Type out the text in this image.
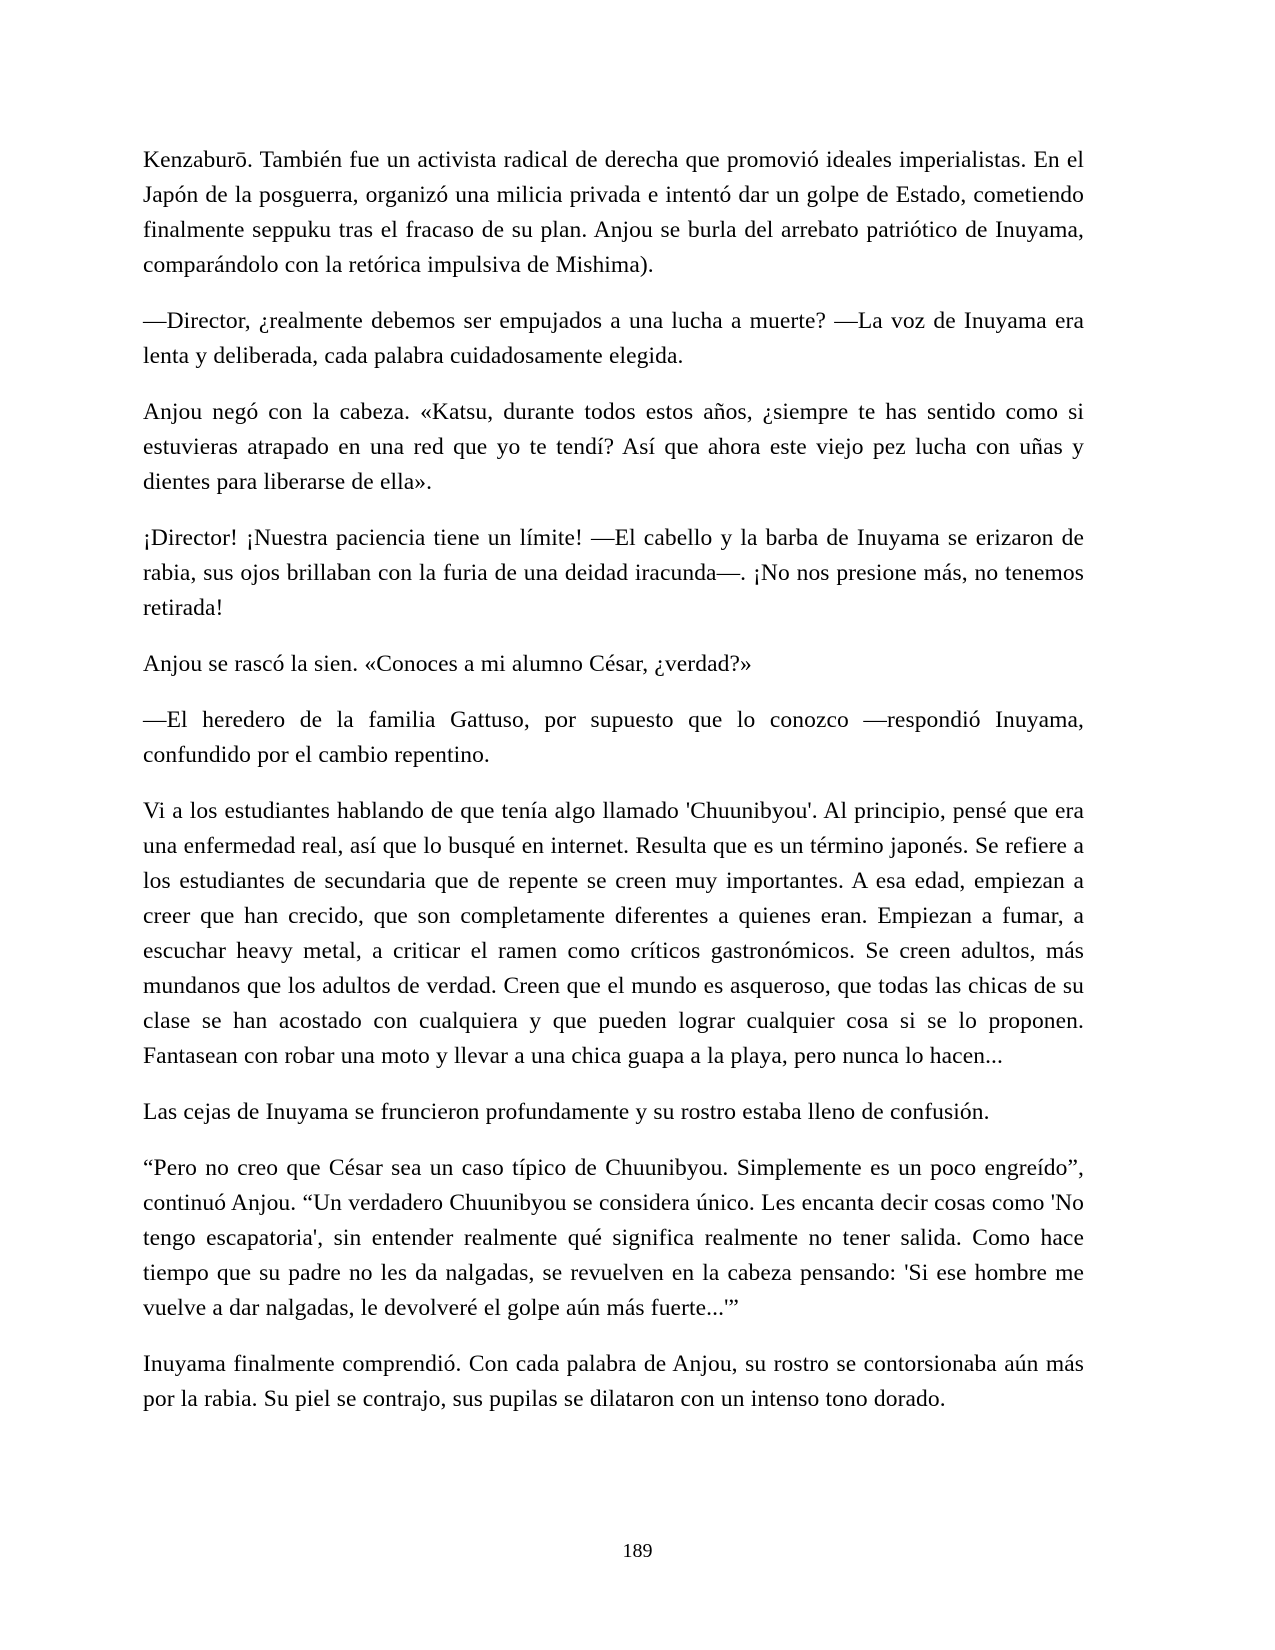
Kenzaburō. También fue un activista radical de derecha que promovió ideales imperialistas. En el Japón de la posguerra, organizó una milicia privada e intentó dar un golpe de Estado, cometiendo finalmente seppuku tras el fracaso de su plan. Anjou se burla del arrebato patriótico de Inuyama, comparándolo con la retórica impulsiva de Mishima).

—Director, ¿realmente debemos ser empujados a una lucha a muerte? —La voz de Inuyama era lenta y deliberada, cada palabra cuidadosamente elegida.

Anjou negó con la cabeza. «Katsu, durante todos estos años, ¿siempre te has sentido como si estuvieras atrapado en una red que yo te tendí? Así que ahora este viejo pez lucha con uñas y dientes para liberarse de ella».

¡Director! ¡Nuestra paciencia tiene un límite! —El cabello y la barba de Inuyama se erizaron de rabia, sus ojos brillaban con la furia de una deidad iracunda—. ¡No nos presione más, no tenemos retirada!

Anjou se rascó la sien. «Conoces a mi alumno César, ¿verdad?»

—El heredero de la familia Gattuso, por supuesto que lo conozco —respondió Inuyama, confundido por el cambio repentino.

Vi a los estudiantes hablando de que tenía algo llamado 'Chuunibyou'. Al principio, pensé que era una enfermedad real, así que lo busqué en internet. Resulta que es un término japonés. Se refiere a los estudiantes de secundaria que de repente se creen muy importantes. A esa edad, empiezan a creer que han crecido, que son completamente diferentes a quienes eran. Empiezan a fumar, a escuchar heavy metal, a criticar el ramen como críticos gastronómicos. Se creen adultos, más mundanos que los adultos de verdad. Creen que el mundo es asqueroso, que todas las chicas de su clase se han acostado con cualquiera y que pueden lograr cualquier cosa si se lo proponen. Fantasean con robar una moto y llevar a una chica guapa a la playa, pero nunca lo hacen...

Las cejas de Inuyama se fruncieron profundamente y su rostro estaba lleno de confusión.

“Pero no creo que César sea un caso típico de Chuunibyou. Simplemente es un poco engreído”, continuó Anjou. “Un verdadero Chuunibyou se considera único. Les encanta decir cosas como 'No tengo escapatoria', sin entender realmente qué significa realmente no tener salida. Como hace tiempo que su padre no les da nalgadas, se revuelven en la cabeza pensando: 'Si ese hombre me vuelve a dar nalgadas, le devolveré el golpe aún más fuerte...'”

Inuyama finalmente comprendió. Con cada palabra de Anjou, su rostro se contorsionaba aún más por la rabia. Su piel se contrajo, sus pupilas se dilataron con un intenso tono dorado.

189
